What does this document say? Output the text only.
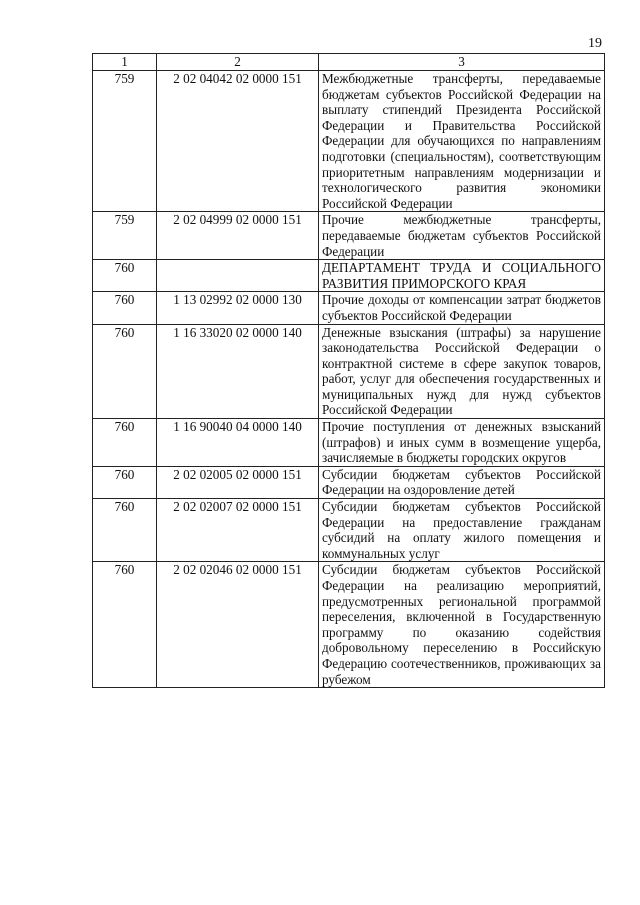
19
1	2	3
759	2 02 04042 02 0000 151	Межбюджетные трансферты, передаваемые бюджетам субъектов Российской Федерации на выплату стипендий Президента Российской Федерации и Правительства Российской Федерации для обучающихся по направлениям подготовки (специальностям), соответствующим приоритетным направлениям модернизации и технологического развития экономики Российской Федерации
759	2 02 04999 02 0000 151	Прочие межбюджетные трансферты, передаваемые бюджетам субъектов Российской Федерации
760		ДЕПАРТАМЕНТ ТРУДА И СОЦИАЛЬНОГО РАЗВИТИЯ ПРИМОРСКОГО КРАЯ
760	1 13 02992 02 0000 130	Прочие доходы от компенсации затрат бюджетов субъектов Российской Федерации
760	1 16 33020 02 0000 140	Денежные взыскания (штрафы) за нарушение законодательства Российской Федерации о контрактной системе в сфере закупок товаров, работ, услуг для обеспечения государственных и муниципальных нужд для нужд субъектов Российской Федерации
760	1 16 90040 04 0000 140	Прочие поступления от денежных взысканий (штрафов) и иных сумм в возмещение ущерба, зачисляемые в бюджеты городских округов
760	2 02 02005 02 0000 151	Субсидии бюджетам субъектов Российской Федерации на оздоровление детей
760	2 02 02007 02 0000 151	Субсидии бюджетам субъектов Российской Федерации на предоставление гражданам субсидий на оплату жилого помещения и коммунальных услуг
760	2 02 02046 02 0000 151	Субсидии бюджетам субъектов Российской Федерации на реализацию мероприятий, предусмотренных региональной программой переселения, включенной в Государственную программу по оказанию содействия добровольному переселению в Российскую Федерацию соотечественников, проживающих за рубежом
